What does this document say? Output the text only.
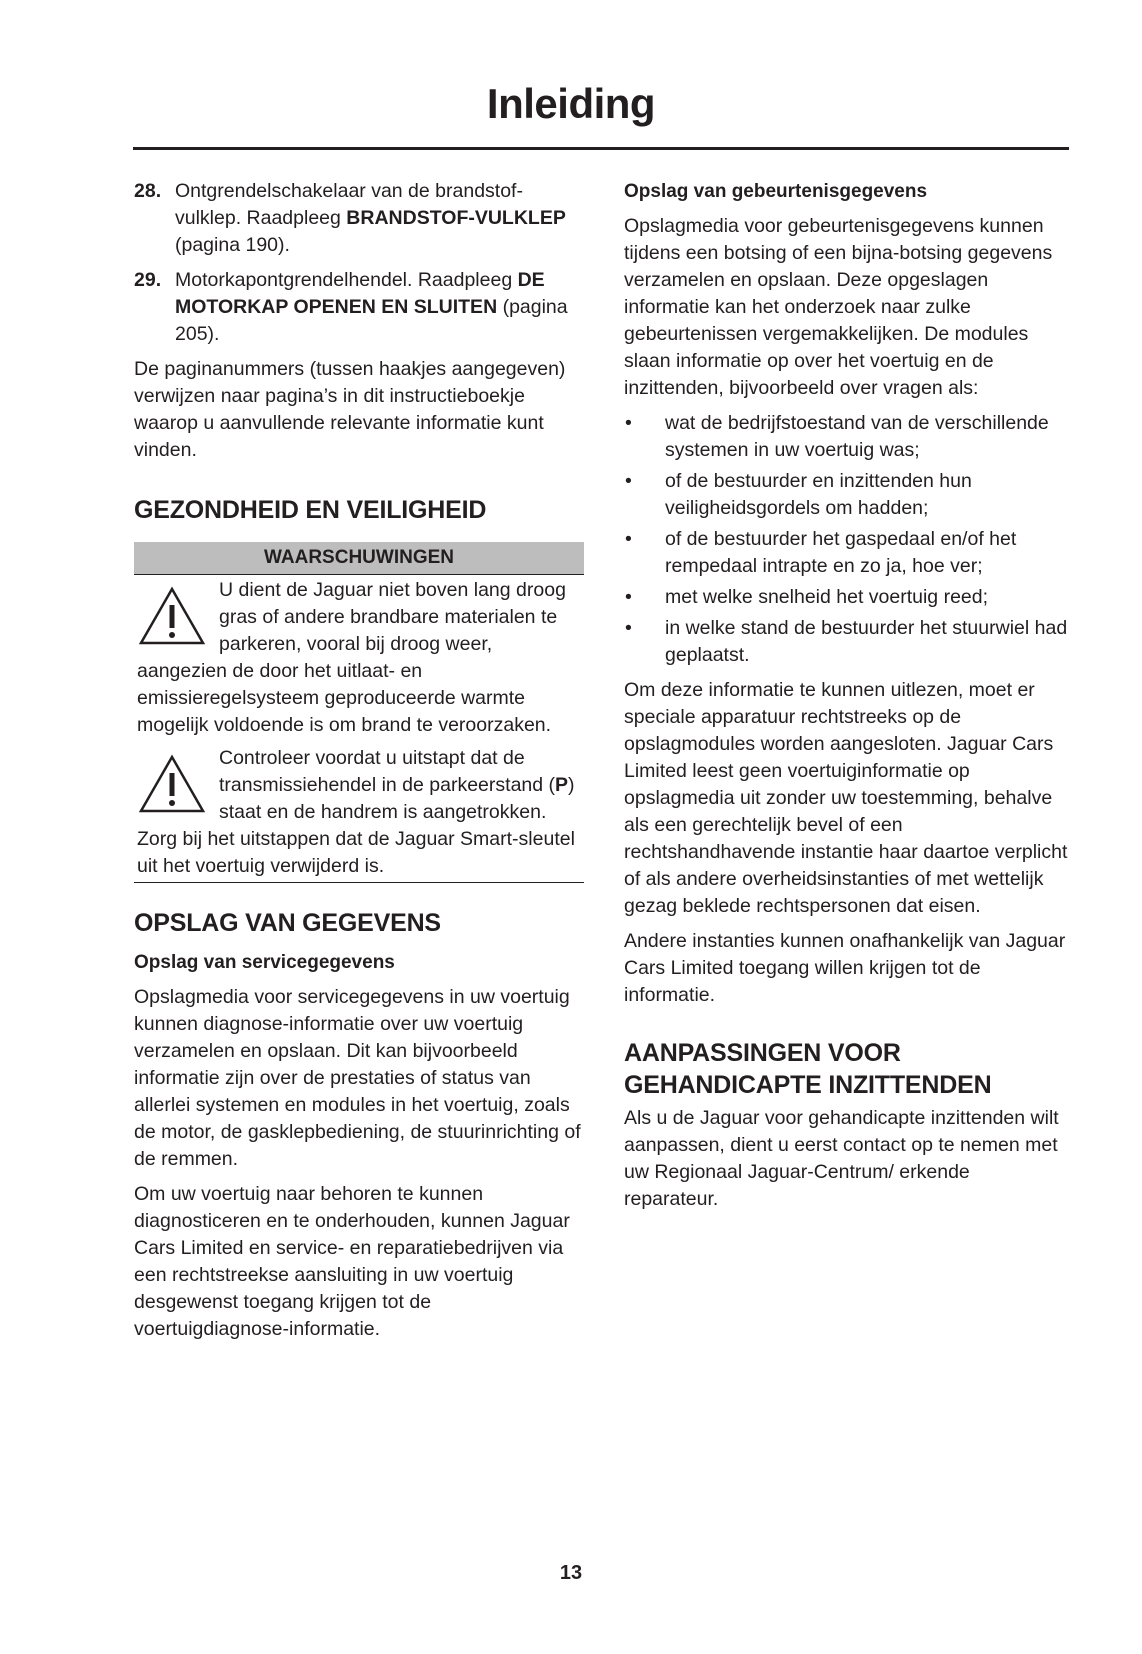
Inleiding
28. Ontgrendelschakelaar van de brandstof-vulklep. Raadpleeg BRANDSTOF-VULKLEP (pagina 190).
29. Motorkapontgrendelhendel. Raadpleeg DE MOTORKAP OPENEN EN SLUITEN (pagina 205).

De paginanummers (tussen haakjes aangegeven) verwijzen naar pagina’s in dit instructieboekje waarop u aanvullende relevante informatie kunt vinden.

GEZONDHEID EN VEILIGHEID
WAARSCHUWINGEN
U dient de Jaguar niet boven lang droog gras of andere brandbare materialen te parkeren, vooral bij droog weer, aangezien de door het uitlaat- en emissieregelsysteem geproduceerde warmte mogelijk voldoende is om brand te veroorzaken.
Controleer voordat u uitstapt dat de transmissiehendel in de parkeerstand (P) staat en de handrem is aangetrokken. Zorg bij het uitstappen dat de Jaguar Smart-sleutel uit het voertuig verwijderd is.
OPSLAG VAN GEGEVENS
Opslag van servicegegevens

Opslagmedia voor servicegegevens in uw voertuig kunnen diagnose-informatie over uw voertuig verzamelen en opslaan. Dit kan bijvoorbeeld informatie zijn over de prestaties of status van allerlei systemen en modules in het voertuig, zoals de motor, de gasklepbediening, de stuurinrichting of de remmen.

Om uw voertuig naar behoren te kunnen diagnosticeren en te onderhouden, kunnen Jaguar Cars Limited en service- en reparatiebedrijven via een rechtstreekse aansluiting in uw voertuig desgewenst toegang krijgen tot de voertuigdiagnose-informatie.

Opslag van gebeurtenisgegevens

Opslagmedia voor gebeurtenisgegevens kunnen tijdens een botsing of een bijna-botsing gegevens verzamelen en opslaan. Deze opgeslagen informatie kan het onderzoek naar zulke gebeurtenissen vergemakkelijken. De modules slaan informatie op over het voertuig en de inzittenden, bijvoorbeeld over vragen als:

•	wat de bedrijfstoestand van de verschillende systemen in uw voertuig was;
•	of de bestuurder en inzittenden hun veiligheidsgordels om hadden;
•	of de bestuurder het gaspedaal en/of het rempedaal intrapte en zo ja, hoe ver;
•	met welke snelheid het voertuig reed;
•	in welke stand de bestuurder het stuurwiel had geplaatst.

Om deze informatie te kunnen uitlezen, moet er speciale apparatuur rechtstreeks op de opslagmodules worden aangesloten. Jaguar Cars Limited leest geen voertuiginformatie op opslagmedia uit zonder uw toestemming, behalve als een gerechtelijk bevel of een rechtshandhavende instantie haar daartoe verplicht of als andere overheidsinstanties of met wettelijk gezag beklede rechtspersonen dat eisen.

Andere instanties kunnen onafhankelijk van Jaguar Cars Limited toegang willen krijgen tot de informatie.

AANPASSINGEN VOOR GEHANDICAPTE INZITTENDEN

Als u de Jaguar voor gehandicapte inzittenden wilt aanpassen, dient u eerst contact op te nemen met uw Regionaal Jaguar-Centrum/ erkende reparateur.

13
